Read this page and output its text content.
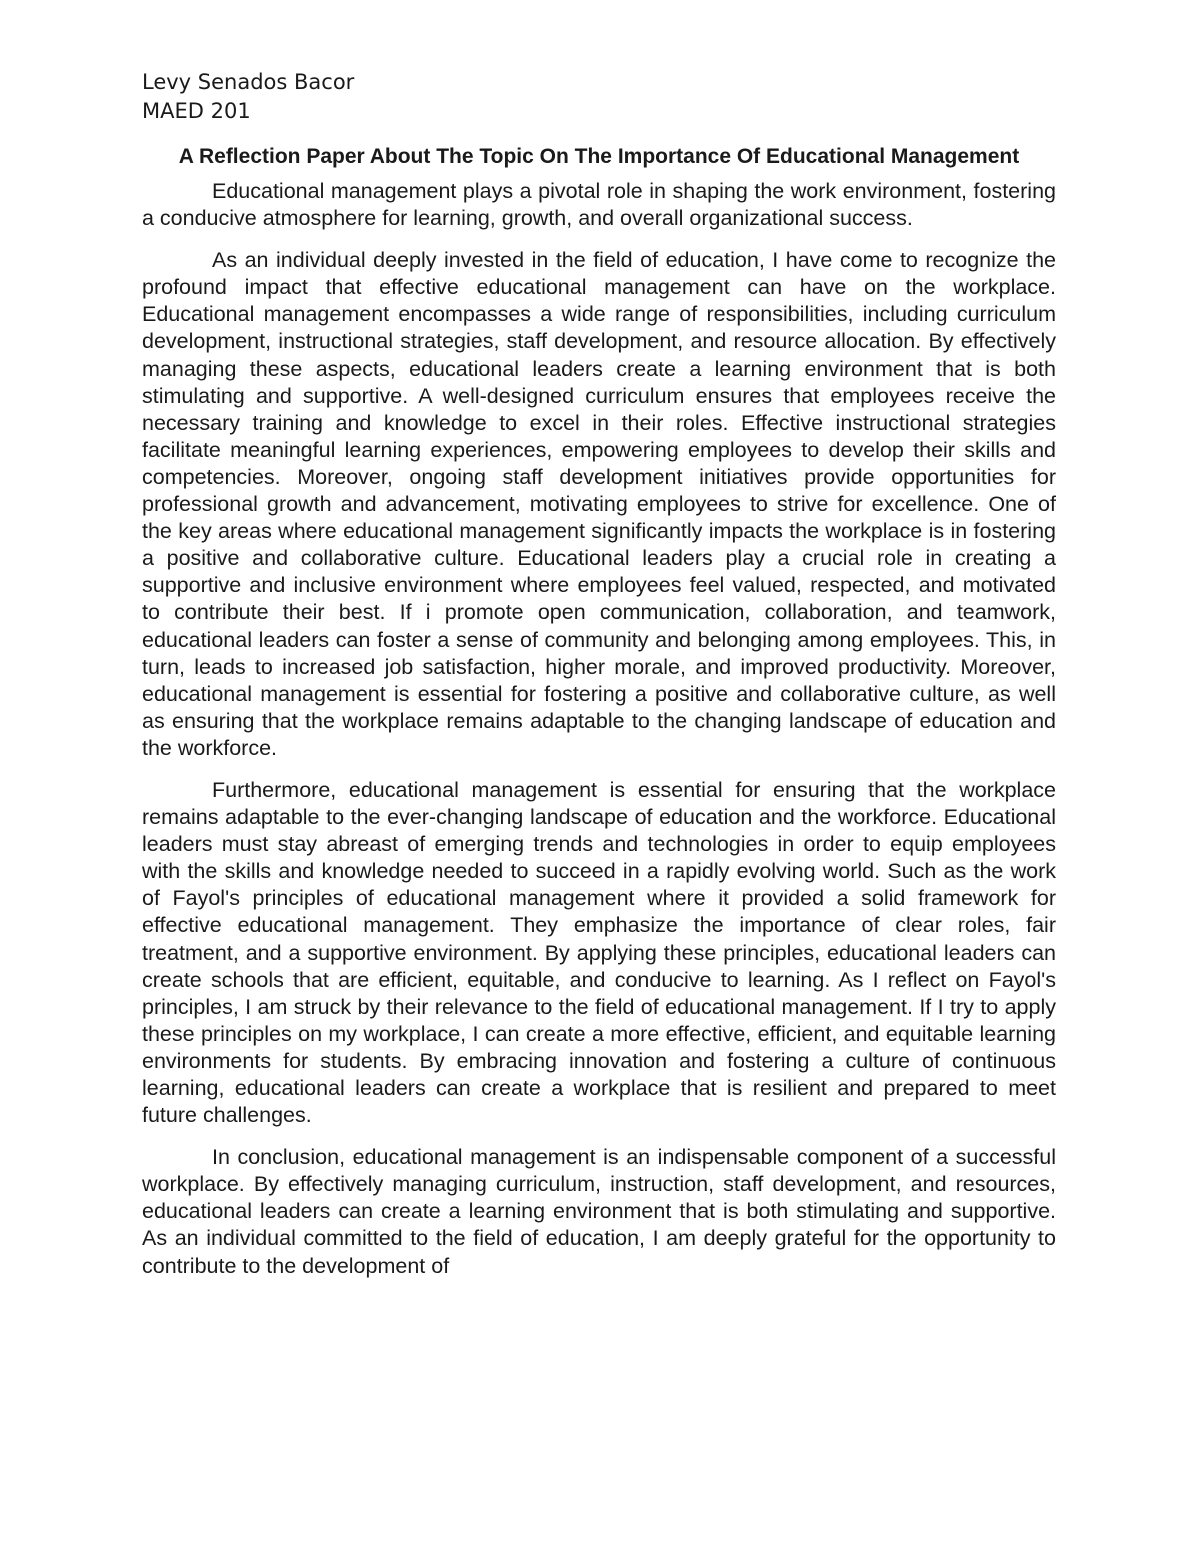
Levy Senados Bacor

MAED 201

A Reflection Paper About The Topic On The Importance Of Educational Management

Educational management plays a pivotal role in shaping the work environment, fostering a conducive atmosphere for learning, growth, and overall organizational success.

As an individual deeply invested in the field of education, I have come to recognize the profound impact that effective educational management can have on the workplace. Educational management encompasses a wide range of responsibilities, including curriculum development, instructional strategies, staff development, and resource allocation. By effectively managing these aspects, educational leaders create a learning environment that is both stimulating and supportive. A well-designed curriculum ensures that employees receive the necessary training and knowledge to excel in their roles. Effective instructional strategies facilitate meaningful learning experiences, empowering employees to develop their skills and competencies. Moreover, ongoing staff development initiatives provide opportunities for professional growth and advancement, motivating employees to strive for excellence. One of the key areas where educational management significantly impacts the workplace is in fostering a positive and collaborative culture. Educational leaders play a crucial role in creating a supportive and inclusive environment where employees feel valued, respected, and motivated to contribute their best. If i promote open communication, collaboration, and teamwork, educational leaders can foster a sense of community and belonging among employees. This, in turn, leads to increased job satisfaction, higher morale, and improved productivity. Moreover, educational management is essential for fostering a positive and collaborative culture, as well as ensuring that the workplace remains adaptable to the changing landscape of education and the workforce.

Furthermore, educational management is essential for ensuring that the workplace remains adaptable to the ever-changing landscape of education and the workforce. Educational leaders must stay abreast of emerging trends and technologies in order to equip employees with the skills and knowledge needed to succeed in a rapidly evolving world. Such as the work of Fayol's principles of educational management where it provided a solid framework for effective educational management. They emphasize the importance of clear roles, fair treatment, and a supportive environment. By applying these principles, educational leaders can create schools that are efficient, equitable, and conducive to learning. As I reflect on Fayol's principles, I am struck by their relevance to the field of educational management. If I try to apply these principles on my workplace, I can create a more effective, efficient, and equitable learning environments for students. By embracing innovation and fostering a culture of continuous learning, educational leaders can create a workplace that is resilient and prepared to meet future challenges.

In conclusion, educational management is an indispensable component of a successful workplace. By effectively managing curriculum, instruction, staff development, and resources, educational leaders can create a learning environment that is both stimulating and supportive. As an individual committed to the field of education, I am deeply grateful for the opportunity to contribute to the development of
